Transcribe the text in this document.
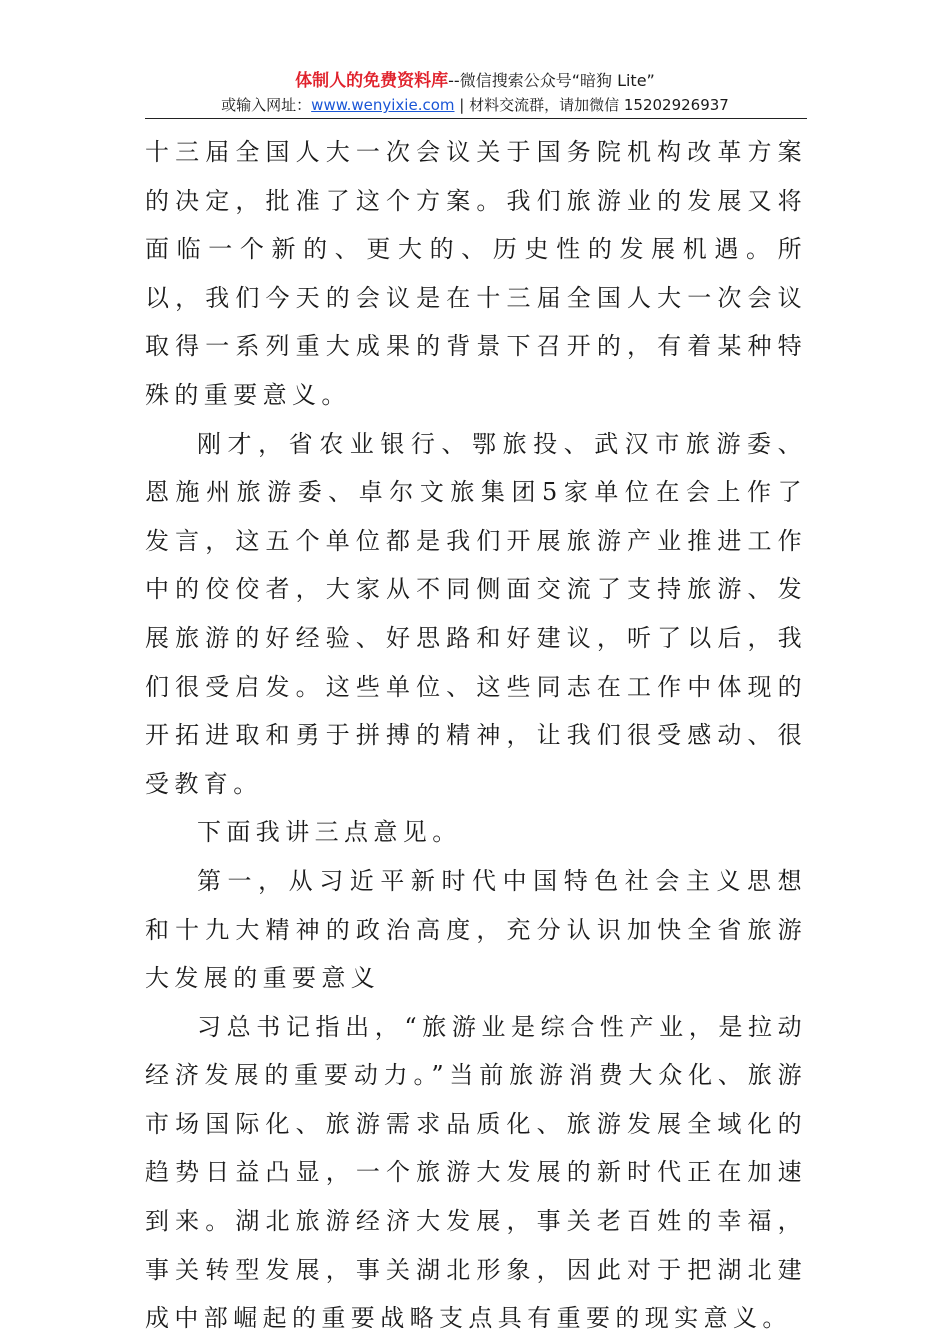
体制人的免费资料库--微信搜索公众号“暗狗 Lite”
或输入网址：www.wenyixie.com | 材料交流群，请加微信 15202926937

十三届全国人大一次会议关于国务院机构改革方案的决定，批准了这个方案。我们旅游业的发展又将面临一个新的、更大的、历史性的发展机遇。所以，我们今天的会议是在十三届全国人大一次会议取得一系列重大成果的背景下召开的，有着某种特殊的重要意义。

刚才，省农业银行、鄂旅投、武汉市旅游委、恩施州旅游委、卓尔文旅集团5家单位在会上作了发言，这五个单位都是我们开展旅游产业推进工作中的佼佼者，大家从不同侧面交流了支持旅游、发展旅游的好经验、好思路和好建议，听了以后，我们很受启发。这些单位、这些同志在工作中体现的开拓进取和勇于拼搏的精神，让我们很受感动、很受教育。

下面我讲三点意见。

第一，从习近平新时代中国特色社会主义思想和十九大精神的政治高度，充分认识加快全省旅游大发展的重要意义

习总书记指出，“旅游业是综合性产业，是拉动经济发展的重要动力。”当前旅游消费大众化、旅游市场国际化、旅游需求品质化、旅游发展全域化的趋势日益凸显，一个旅游大发展的新时代正在加速到来。湖北旅游经济大发展，事关老百姓的幸福，事关转型发展，事关湖北形象，因此对于把湖北建成中部崛起的重要战略支点具有重要的现实意义。
